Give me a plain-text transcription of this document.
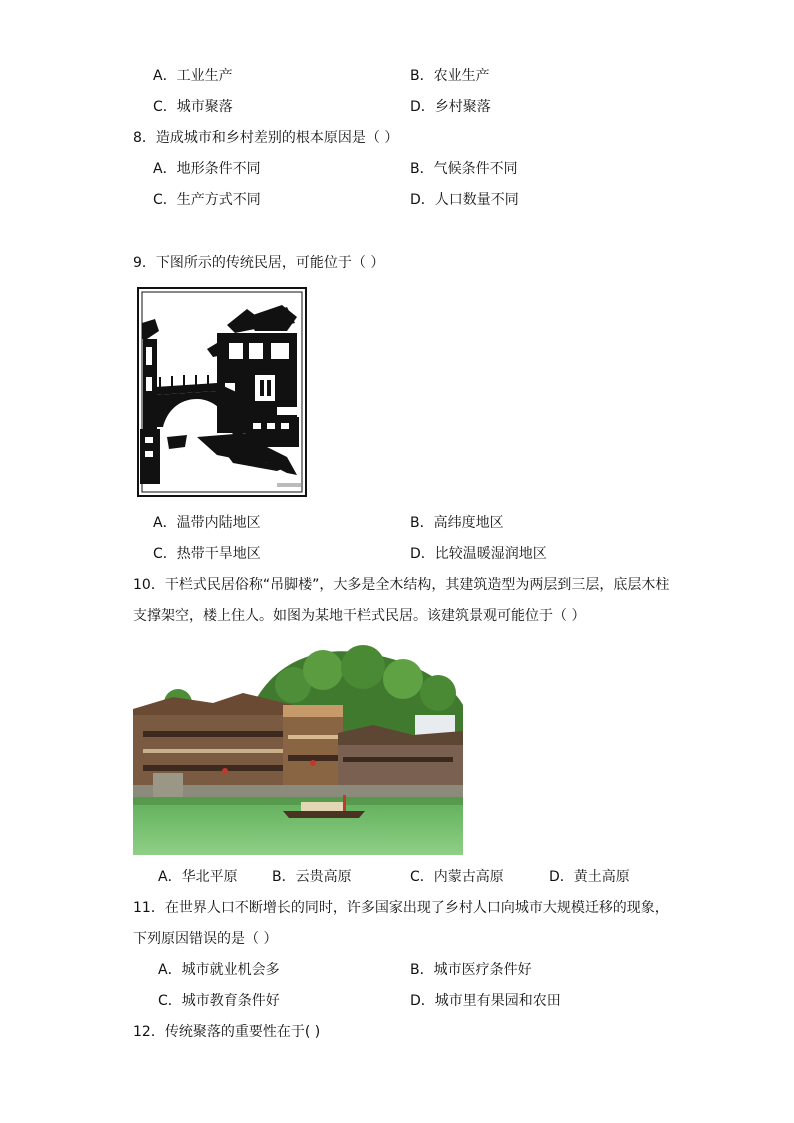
A．工业生产	B．农业生产
C．城市聚落	D．乡村聚落
8．造成城市和乡村差别的根本原因是（ ）
A．地形条件不同	B．气候条件不同
C．生产方式不同	D．人口数量不同
9．下图所示的传统民居，可能位于（ ）
A．温带内陆地区	B．高纬度地区
C．热带干旱地区	D．比较温暖湿润地区
10．干栏式民居俗称“吊脚楼”，大多是全木结构，其建筑造型为两层到三层，底层木柱
支撑架空，楼上住人。如图为某地干栏式民居。该建筑景观可能位于（ ）
A．华北平原 B．云贵高原	C．内蒙古高原	D．黄土高原
11．在世界人口不断增长的同时，许多国家出现了乡村人口向城市大规模迁移的现象，
下列原因错误的是（ ）
A．城市就业机会多	B．城市医疗条件好
C．城市教育条件好	D．城市里有果园和农田
12．传统聚落的重要性在于( )
